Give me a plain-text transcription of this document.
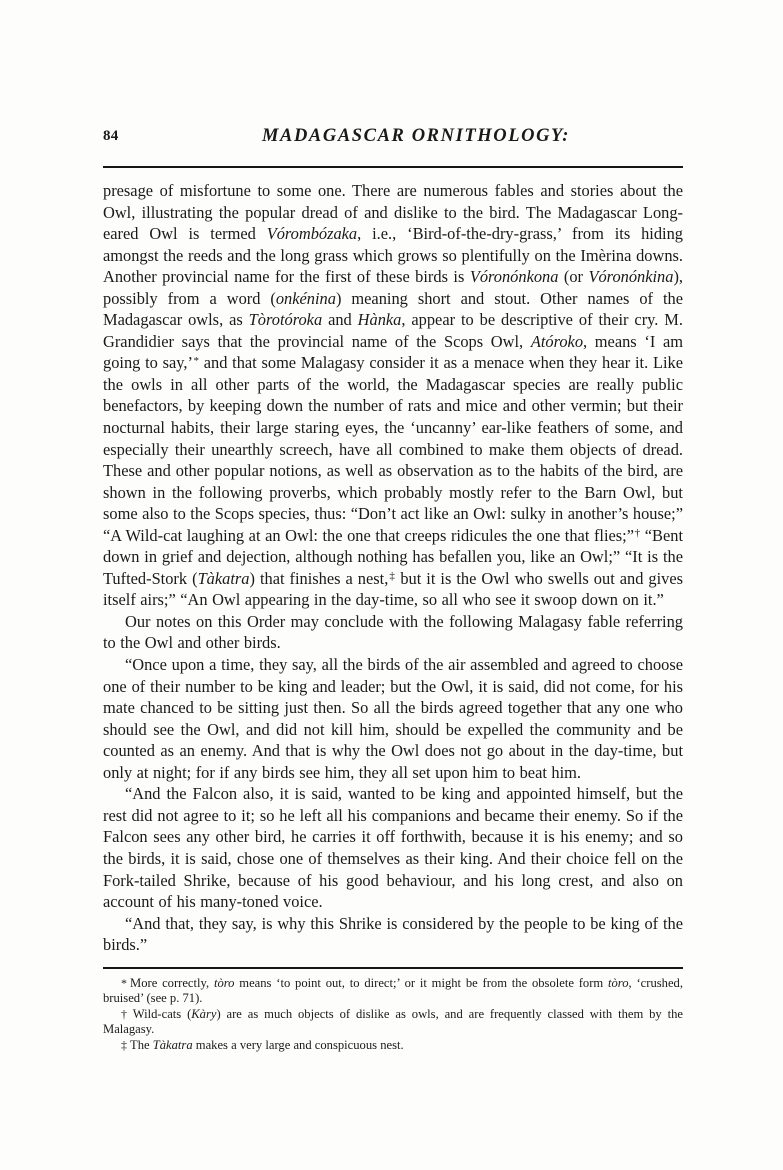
84	MADAGASCAR ORNITHOLOGY:

presage of misfortune to some one. There are numerous fables and stories about the Owl, illustrating the popular dread of and dislike to the bird. The Madagascar Long-eared Owl is termed Vórombózaka, i.e., ‘Bird-of-the-dry-grass,’ from its hiding amongst the reeds and the long grass which grows so plentifully on the Imèrina downs. Another provincial name for the first of these birds is Vóronónkona (or Vóronónkina), possibly from a word (onkénina) meaning short and stout. Other names of the Madagascar owls, as Tòrotóroka and Hànka, appear to be descriptive of their cry. M. Grandidier says that the provincial name of the Scops Owl, Atóroko, means ‘I am going to say,’* and that some Malagasy consider it as a menace when they hear it. Like the owls in all other parts of the world, the Madagascar species are really public benefactors, by keeping down the number of rats and mice and other vermin; but their nocturnal habits, their large staring eyes, the ‘uncanny’ ear-like feathers of some, and especially their unearthly screech, have all combined to make them objects of dread. These and other popular notions, as well as observation as to the habits of the bird, are shown in the following proverbs, which probably mostly refer to the Barn Owl, but some also to the Scops species, thus: “Don’t act like an Owl: sulky in another’s house;” “A Wild-cat laughing at an Owl: the one that creeps ridicules the one that flies;”† “Bent down in grief and dejection, although nothing has befallen you, like an Owl;” “It is the Tufted-Stork (Tàkatra) that finishes a nest,‡ but it is the Owl who swells out and gives itself airs;” “An Owl appearing in the day-time, so all who see it swoop down on it.”

Our notes on this Order may conclude with the following Malagasy fable referring to the Owl and other birds.

“Once upon a time, they say, all the birds of the air assembled and agreed to choose one of their number to be king and leader; but the Owl, it is said, did not come, for his mate chanced to be sitting just then. So all the birds agreed together that any one who should see the Owl, and did not kill him, should be expelled the community and be counted as an enemy. And that is why the Owl does not go about in the day-time, but only at night; for if any birds see him, they all set upon him to beat him.

“And the Falcon also, it is said, wanted to be king and appointed himself, but the rest did not agree to it; so he left all his companions and became their enemy. So if the Falcon sees any other bird, he carries it off forthwith, because it is his enemy; and so the birds, it is said, chose one of themselves as their king. And their choice fell on the Fork-tailed Shrike, because of his good behaviour, and his long crest, and also on account of his many-toned voice.

“And that, they say, is why this Shrike is considered by the people to be king of the birds.”

* More correctly, tòro means ‘to point out, to direct;’ or it might be from the obsolete form tòro, ‘crushed, bruised’ (see p. 71).

† Wild-cats (Kàry) are as much objects of dislike as owls, and are frequently classed with them by the Malagasy.

‡ The Tàkatra makes a very large and conspicuous nest.
